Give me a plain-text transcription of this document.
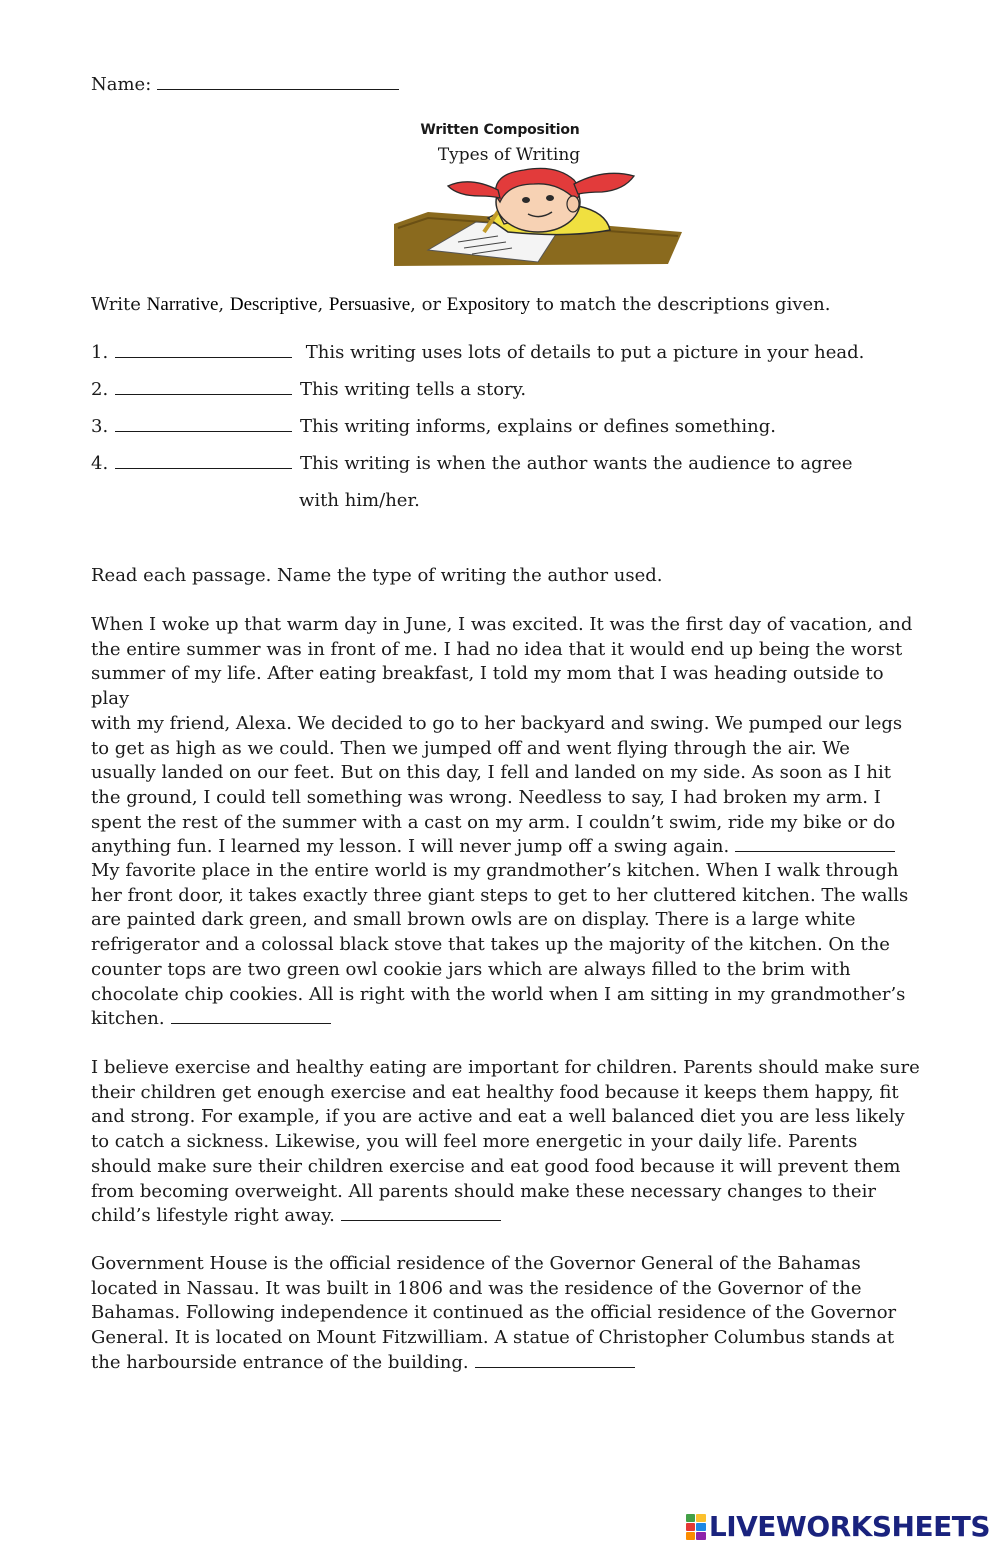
Name:
Written Composition
Types of Writing
Write Narrative, Descriptive, Persuasive, or Expository to match the descriptions given.
1.	This writing uses lots of details to put a picture in your head.
2.	This writing tells a story.
3.	This writing informs, explains or defines something.
4.	This writing is when the author wants the audience to agree
with him/her.
Read each passage. Name the type of writing the author used.
When I woke up that warm day in June, I was excited. It was the first day of vacation, and
the entire summer was in front of me. I had no idea that it would end up being the worst
summer of my life. After eating breakfast, I told my mom that I was heading outside to play
with my friend, Alexa. We decided to go to her backyard and swing. We pumped our legs
to get as high as we could. Then we jumped off and went flying through the air. We
usually landed on our feet. But on this day, I fell and landed on my side. As soon as I hit
the ground, I could tell something was wrong. Needless to say, I had broken my arm. I
spent the rest of the summer with a cast on my arm. I couldn’t swim, ride my bike or do
anything fun. I learned my lesson. I will never jump off a swing again.
My favorite place in the entire world is my grandmother’s kitchen. When I walk through
her front door, it takes exactly three giant steps to get to her cluttered kitchen. The walls
are painted dark green, and small brown owls are on display. There is a large white
refrigerator and a colossal black stove that takes up the majority of the kitchen. On the
counter tops are two green owl cookie jars which are always filled to the brim with
chocolate chip cookies. All is right with the world when I am sitting in my grandmother’s
kitchen.
I believe exercise and healthy eating are important for children. Parents should make sure
their children get enough exercise and eat healthy food because it keeps them happy, fit
and strong. For example, if you are active and eat a well balanced diet you are less likely
to catch a sickness. Likewise, you will feel more energetic in your daily life. Parents
should make sure their children exercise and eat good food because it will prevent them
from becoming overweight. All parents should make these necessary changes to their
child’s lifestyle right away.
Government House is the official residence of the Governor General of the Bahamas
located in Nassau. It was built in 1806 and was the residence of the Governor of the
Bahamas. Following independence it continued as the official residence of the Governor
General. It is located on Mount Fitzwilliam. A statue of Christopher Columbus stands at
the harbourside entrance of the building.
LIVEWORKSHEETS
